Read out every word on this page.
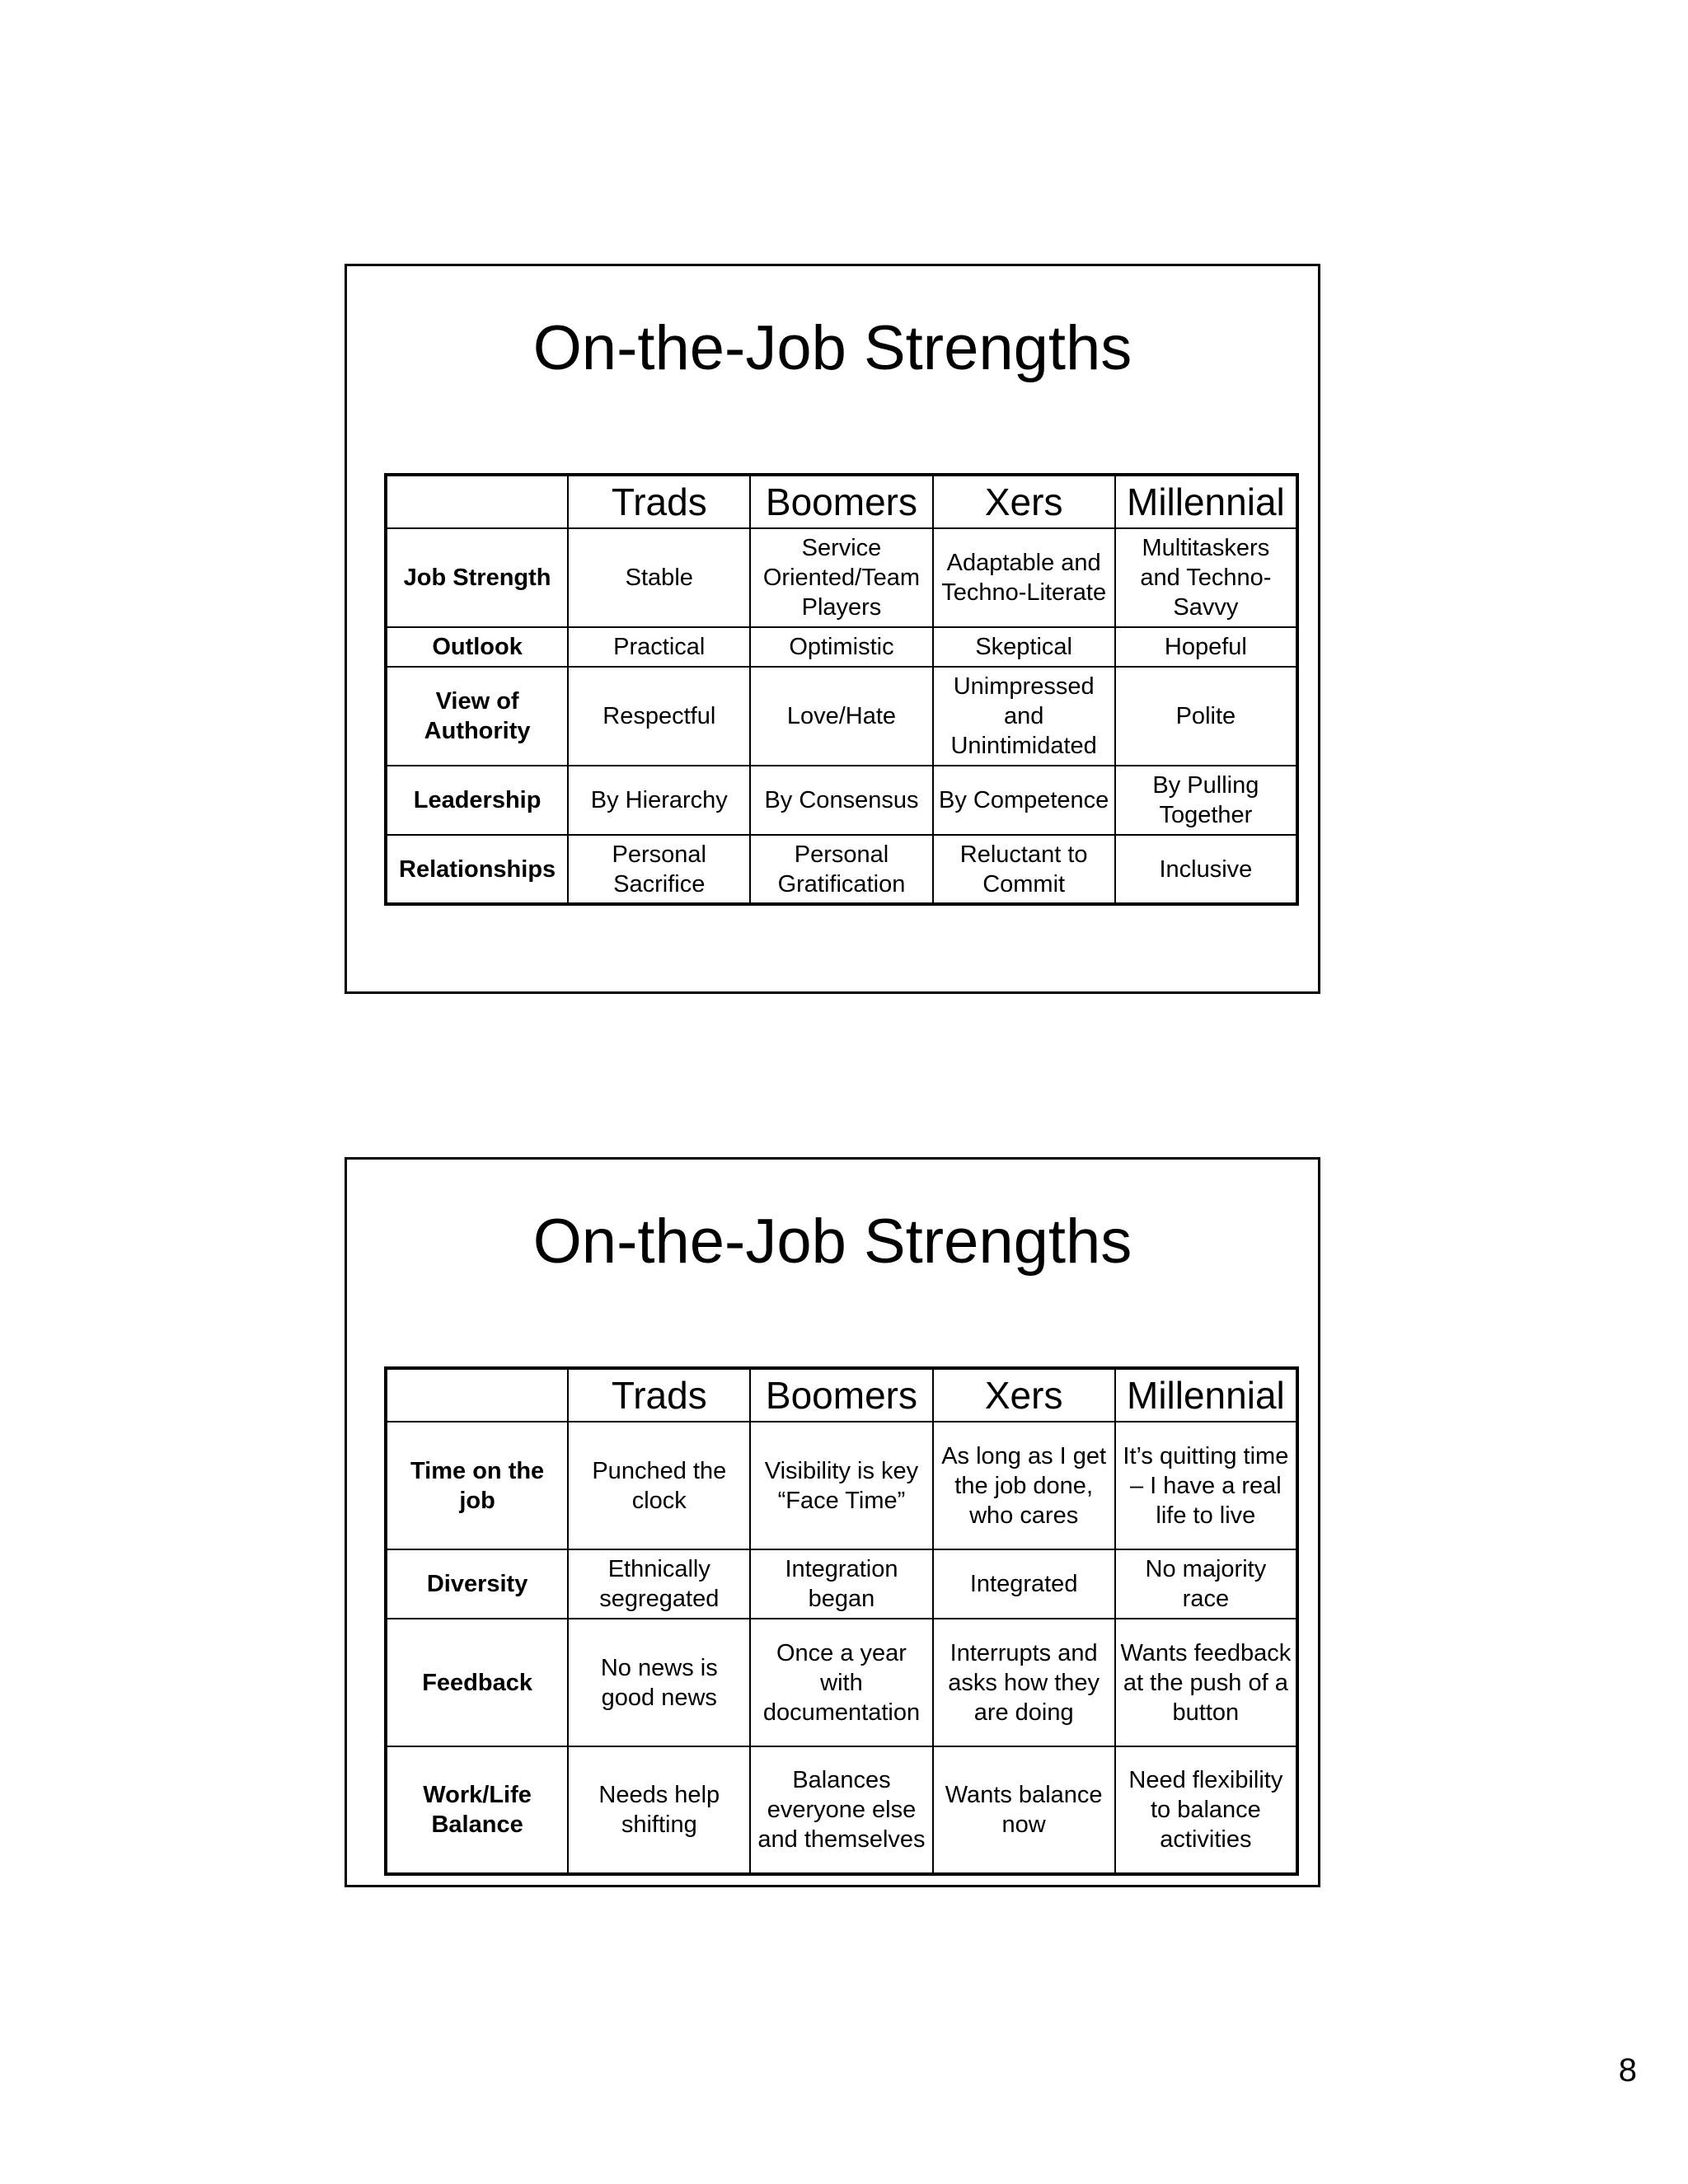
On-the-Job Strengths
	Trads	Boomers	Xers	Millennial
Job Strength	Stable	Service Oriented/Team Players	Adaptable and Techno-Literate	Multitaskers and Techno-Savvy
Outlook	Practical	Optimistic	Skeptical	Hopeful
View of Authority	Respectful	Love/Hate	Unimpressed and Unintimidated	Polite
Leadership	By Hierarchy	By Consensus	By Competence	By Pulling Together
Relationships	Personal Sacrifice	Personal Gratification	Reluctant to Commit	Inclusive
On-the-Job Strengths
	Trads	Boomers	Xers	Millennial
Time on the job	Punched the clock	Visibility is key “Face Time”	As long as I get the job done, who cares	It’s quitting time – I have a real life to live
Diversity	Ethnically segregated	Integration began	Integrated	No majority race
Feedback	No news is good news	Once a year with documentation	Interrupts and asks how they are doing	Wants feedback at the push of a button
Work/Life Balance	Needs help shifting	Balances everyone else and themselves	Wants balance now	Need flexibility to balance activities
8
